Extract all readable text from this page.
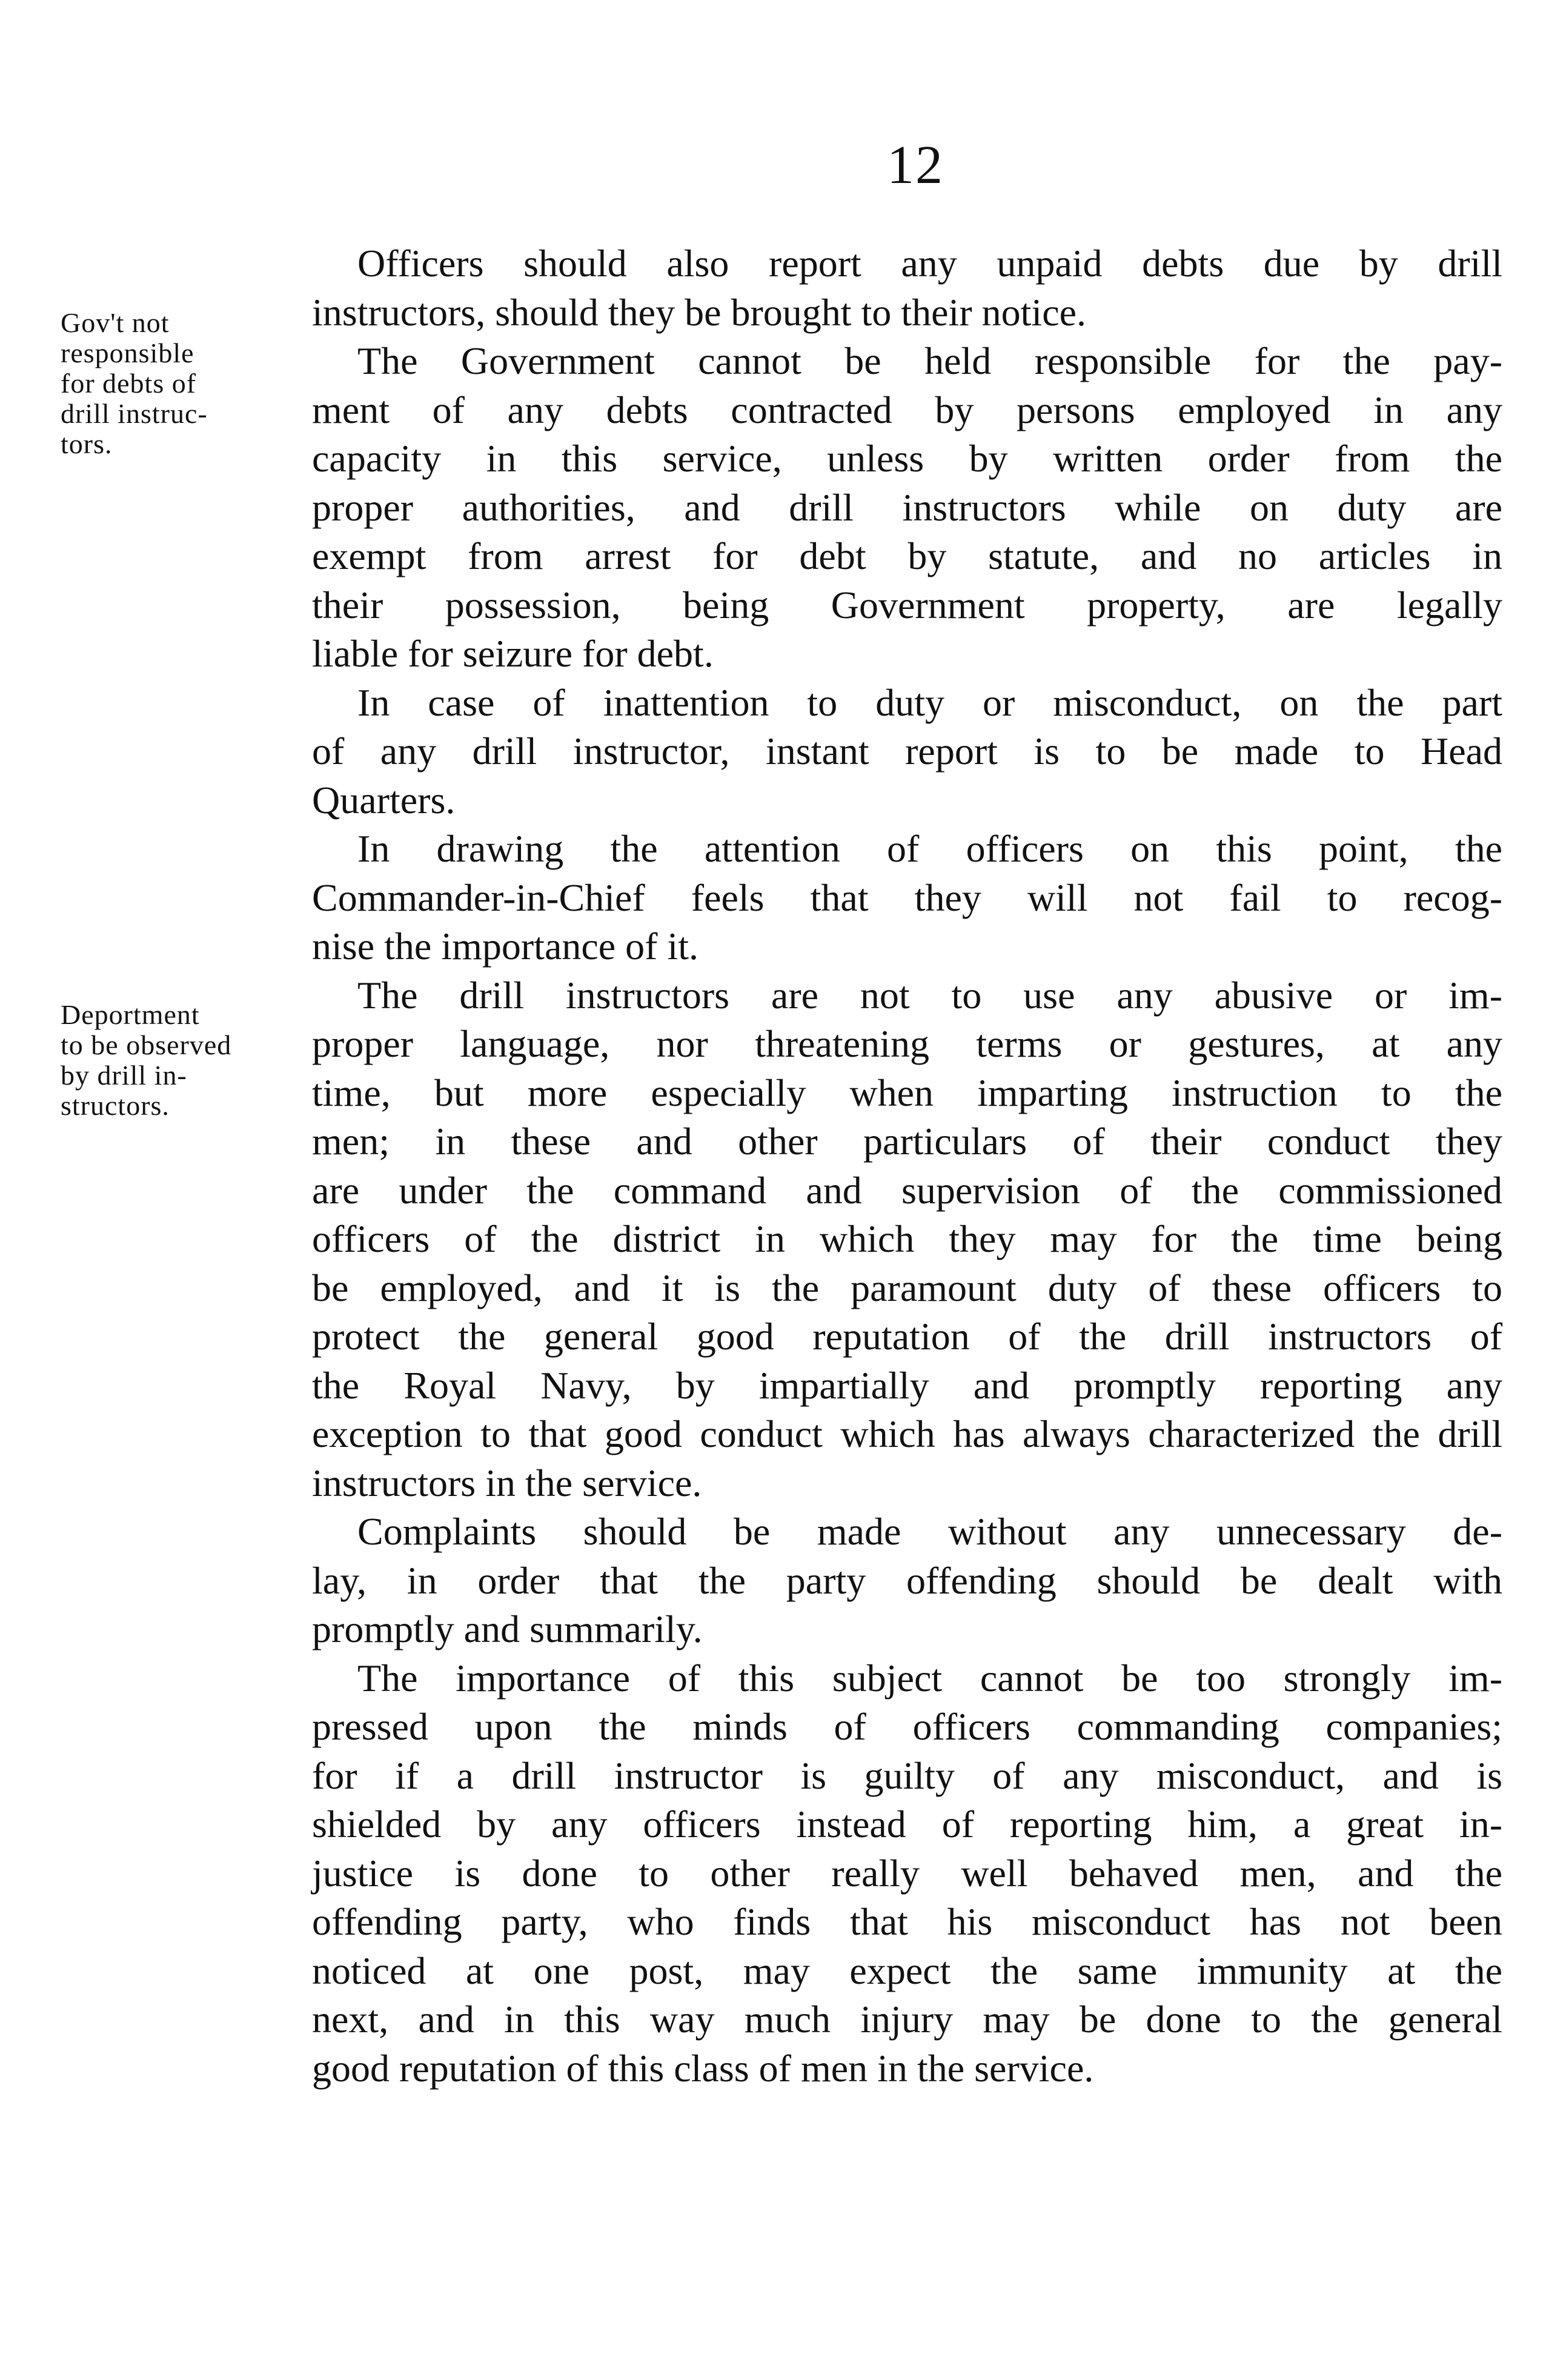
12
Gov't not
responsible
for debts of
drill instruc-
tors.
Deportment
to be observed
by drill in-
structors.

Officers should also report any unpaid debts due by drill
instructors, should they be brought to their notice.

The Government cannot be held responsible for the pay-
ment of any debts contracted by persons employed in any
capacity in this service, unless by written order from the
proper authorities, and drill instructors while on duty are
exempt from arrest for debt by statute, and no articles in
their possession, being Government property, are legally
liable for seizure for debt.

In case of inattention to duty or misconduct, on the part
of any drill instructor, instant report is to be made to Head
Quarters.

In drawing the attention of officers on this point, the
Commander-in-Chief feels that they will not fail to recog-
nise the importance of it.

The drill instructors are not to use any abusive or im-
proper language, nor threatening terms or gestures, at any
time, but more especially when imparting instruction to the
men; in these and other particulars of their conduct they
are under the command and supervision of the commissioned
officers of the district in which they may for the time being
be employed, and it is the paramount duty of these officers to
protect the general good reputation of the drill instructors of
the Royal Navy, by impartially and promptly reporting any
exception to that good conduct which has always characterized the drill instructors in the service.

Complaints should be made without any unnecessary de-
lay, in order that the party offending should be dealt with
promptly and summarily.

The importance of this subject cannot be too strongly im-
pressed upon the minds of officers commanding companies;
for if a drill instructor is guilty of any misconduct, and is
shielded by any officers instead of reporting him, a great in-
justice is done to other really well behaved men, and the
offending party, who finds that his misconduct has not been
noticed at one post, may expect the same immunity at the
next, and in this way much injury may be done to the general
good reputation of this class of men in the service.
